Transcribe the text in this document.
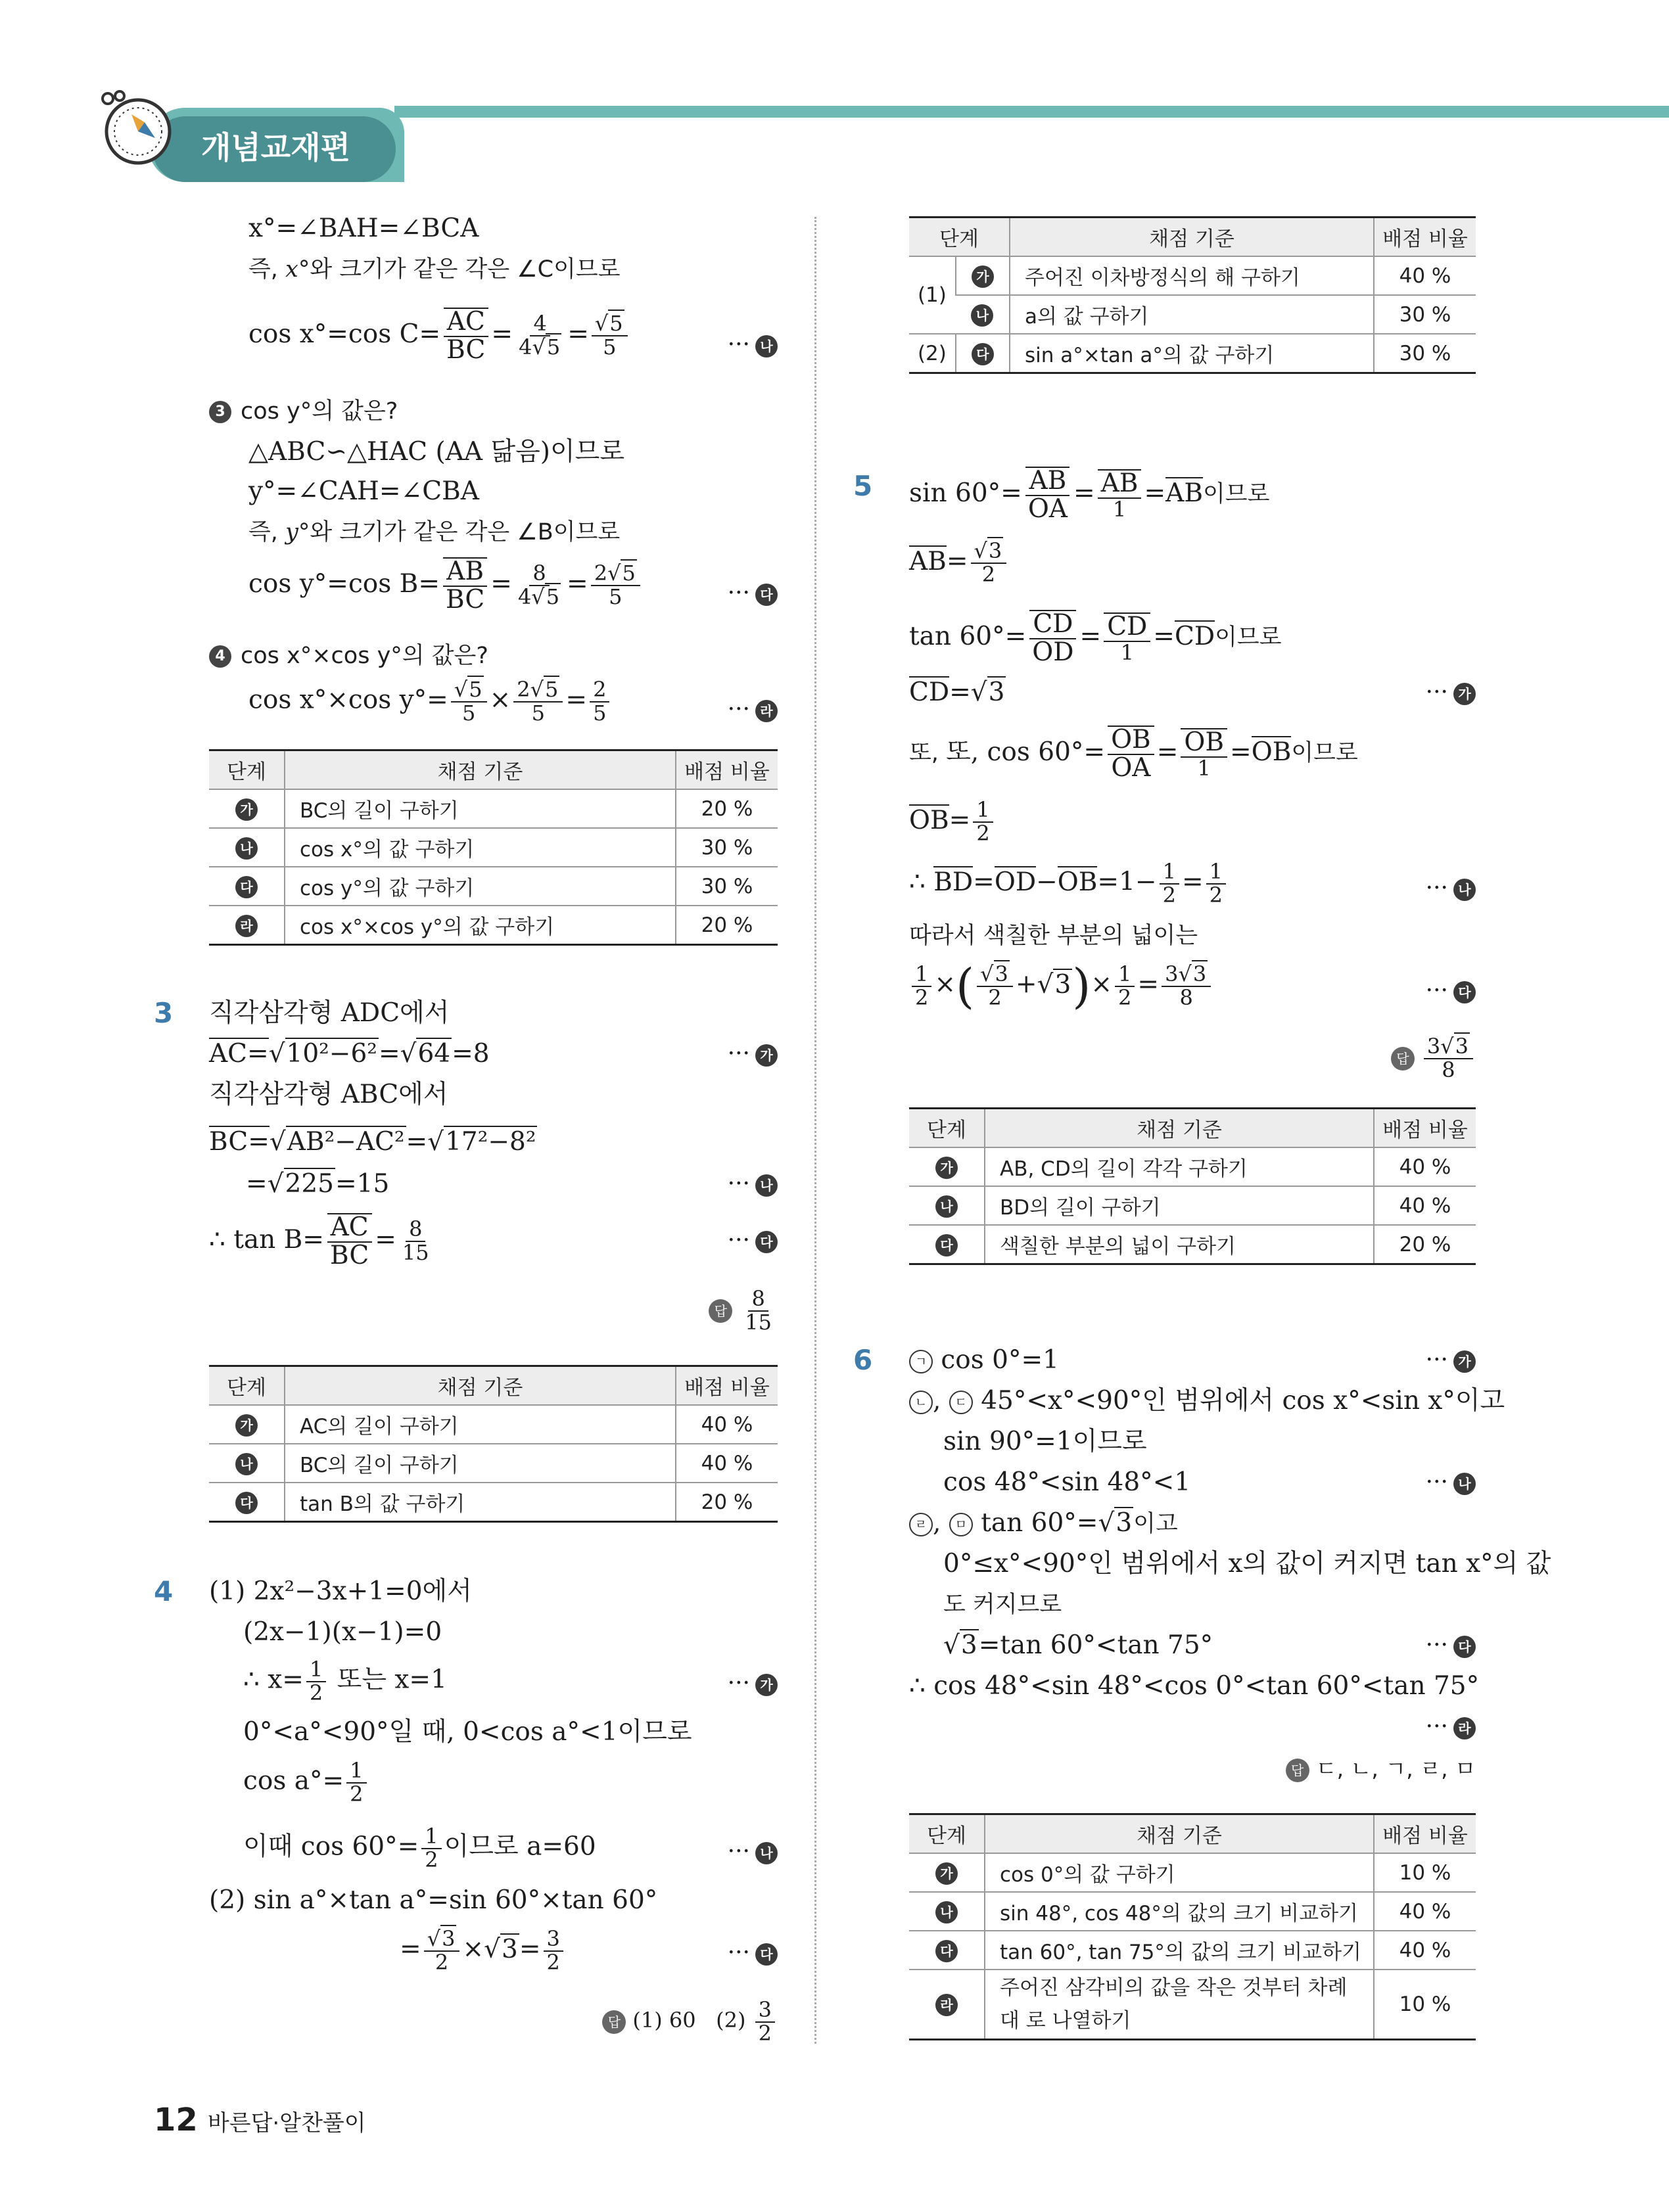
개념교재편
x°=∠BAH=∠BCA
즉, x°와 크기가 같은 각은 ∠C이므로
cos x°=cos $C= \frac{AC}{BC} = \frac{4}{4√5} = \frac{√5}{5}$	··· 나
3 cos y°의 값은?
△ABC∽△HAC (AA 닮음)이므로
y°=∠CAH=∠CBA
즉, y°와 크기가 같은 각은 ∠B이므로
cos y°=cos $B= \frac{AB}{BC} = \frac{8}{4√5} = \frac{2√5}{5}$	··· 다
4 cos x°×cos y°의 값은?
cos x°×cos $y^\circ= \frac{√5}{5} \times \frac{2√5}{5} = \frac{2}{5}$	··· 라
단계	채점 기준	배점 비율
가	BC의 길이 구하기	20 %
나	cos x°의 값 구하기	30 %
다	cos y°의 값 구하기	30 %
라	cos x°×cos y°의 값 구하기	20 %
3 직각삼각형 ADC에서
AC=√10²−6²=√64=8	··· 가
직각삼각형 ABC에서
BC=√AB²−AC²=√17²−8²
=√225=15	··· 나
∴ $\tan B= \frac{AC}{BC} = \frac{8}{15}$	··· 다
답 $\frac{8}{15}$
단계	채점 기준	배점 비율
가	AC의 길이 구하기	40 %
나	BC의 길이 구하기	40 %
다	tan B의 값 구하기	20 %
4 (1) 2x²−3x+1=0에서
(2x−1)(x−1)=0
∴ $x= \frac{1}{2}$ 또는 x=1	··· 가
0°<a°<90°일 때, 0<cos a°<1이므로
$\cos a^\circ= \frac{1}{2}$
이때 $\cos 60^\circ= \frac{1}{2}$ 이므로 a=60	··· 나
(2) sin a°×tan a°=sin 60°×tan 60°
= $\frac{√3}{2} \times√3= \frac{3}{2}$	··· 다
답 (1) 60 $(2) \frac{3}{2}$
단계		채점 기준	배점 비율
(1)	가	주어진 이차방정식의 해 구하기	40 %
	나	a의 값 구하기	30 %
(2)	다	sin a°×tan a°의 값 구하기	30 %
5 $\sin 60^\circ= \frac{AB}{OA} = \frac{AB}{1} =AB$이므로
$AB= \frac{√3}{2}$
$\tan 60^\circ= \frac{CD}{OD} = \frac{CD}{1} =CD$이므로
CD=√3	··· 가
또, 또, $\cos 60^\circ= \frac{OB}{OA} = \frac{OB}{1} =OB$이므로
$OB= \frac{1}{2}$
∴ $BD=OD-OB=1- \frac{1}{2} = \frac{1}{2}$	··· 나
따라서 색칠한 부분의 넓이는
$\frac{1}{2}$ ×( $\frac{√3}{2} +√3)\times \frac{1}{2} = \frac{3√3}{8}$	··· 다
답 $\frac{3√3}{8}$
단계	채점 기준	배점 비율
가	AB, CD의 길이 각각 구하기	40 %
나	BD의 길이 구하기	40 %
다	색칠한 부분의 넓이 구하기	20 %
6	ㄱ cos 0°=1	··· 가
ㄴ , ㄷ 45°<x°<90°인 범위에서 cos x°<sin x°이고
sin 90°=1이므로
cos 48°<sin 48°<1	··· 나
ㄹ , ㅁ tan 60°=√3이고
0°≤x°<90°인 범위에서 x의 값이 커지면 tan x°의 값
도 커지므로
√3=tan 60°<tan 75°	··· 다
∴ cos 48°<sin 48°<cos 0°<tan 60°<tan 75°
··· 라
답 ㄷ, ㄴ, ㄱ, ㄹ, ㅁ
단계	채점 기준	배점 비율
가	cos 0°의 값 구하기	10 %
나	sin 48°, cos 48°의 값의 크기 비교하기	40 %
다	tan 60°, tan 75°의 값의 크기 비교하기	40 %
라	주어진 삼각비의 값을 작은 것부터 차례대 로 나열하기	10 %
12 바른답·알찬풀이
